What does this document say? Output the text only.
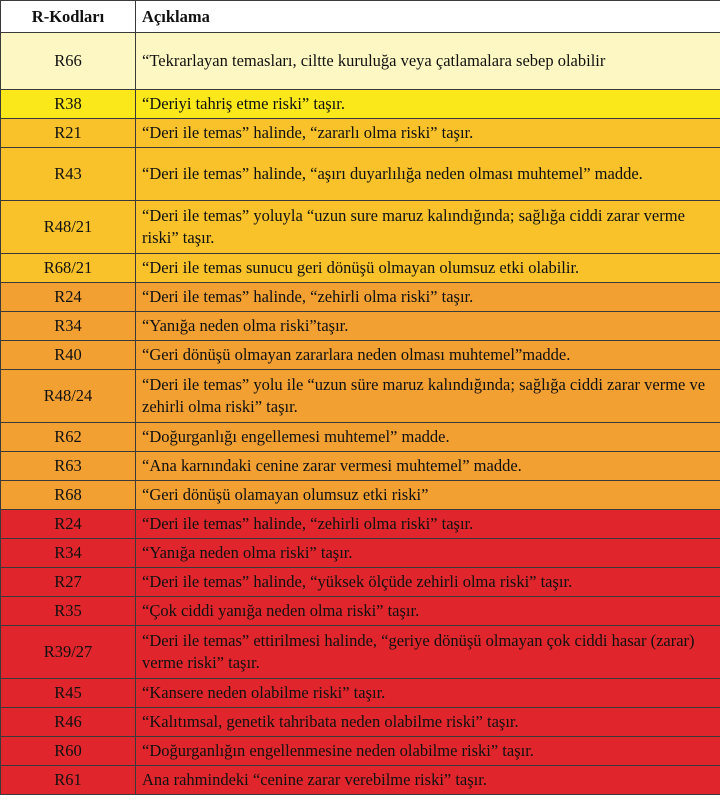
R-Kodları	Açıklama
R66	“Tekrarlayan temasları, ciltte kuruluğa veya çatlamalara sebep olabilir
R38	“Deriyi tahriş etme riski” taşır.
R21	“Deri ile temas” halinde, “zararlı olma riski” taşır.
R43	“Deri ile temas” halinde, “aşırı duyarlılığa neden olması muhtemel” madde.
R48/21	“Deri ile temas” yoluyla “uzun sure maruz kalındığında; sağlığa ciddi zarar verme riski” taşır.
R68/21	“Deri ile temas sunucu geri dönüşü olmayan olumsuz etki olabilir.
R24	“Deri ile temas” halinde, “zehirli olma riski” taşır.
R34	“Yanığa neden olma riski”taşır.
R40	“Geri dönüşü olmayan zararlara neden olması muhtemel”madde.
R48/24	“Deri ile temas” yolu ile “uzun süre maruz kalındığında; sağlığa ciddi zarar verme ve zehirli olma riski” taşır.
R62	“Doğurganlığı engellemesi muhtemel” madde.
R63	“Ana karnındaki cenine zarar vermesi muhtemel” madde.
R68	“Geri dönüşü olamayan olumsuz etki riski”
R24	“Deri ile temas” halinde, “zehirli olma riski” taşır.
R34	“Yanığa neden olma riski” taşır.
R27	“Deri ile temas” halinde, “yüksek ölçüde zehirli olma riski” taşır.
R35	“Çok ciddi yanığa neden olma riski” taşır.
R39/27	“Deri ile temas” ettirilmesi halinde, “geriye dönüşü olmayan çok ciddi hasar (zarar) verme riski” taşır.
R45	“Kansere neden olabilme riski” taşır.
R46	“Kalıtımsal, genetik tahribata neden olabilme riski” taşır.
R60	“Doğurganlığın engellenmesine neden olabilme riski” taşır.
R61	Ana rahmindeki “cenine zarar verebilme riski” taşır.
